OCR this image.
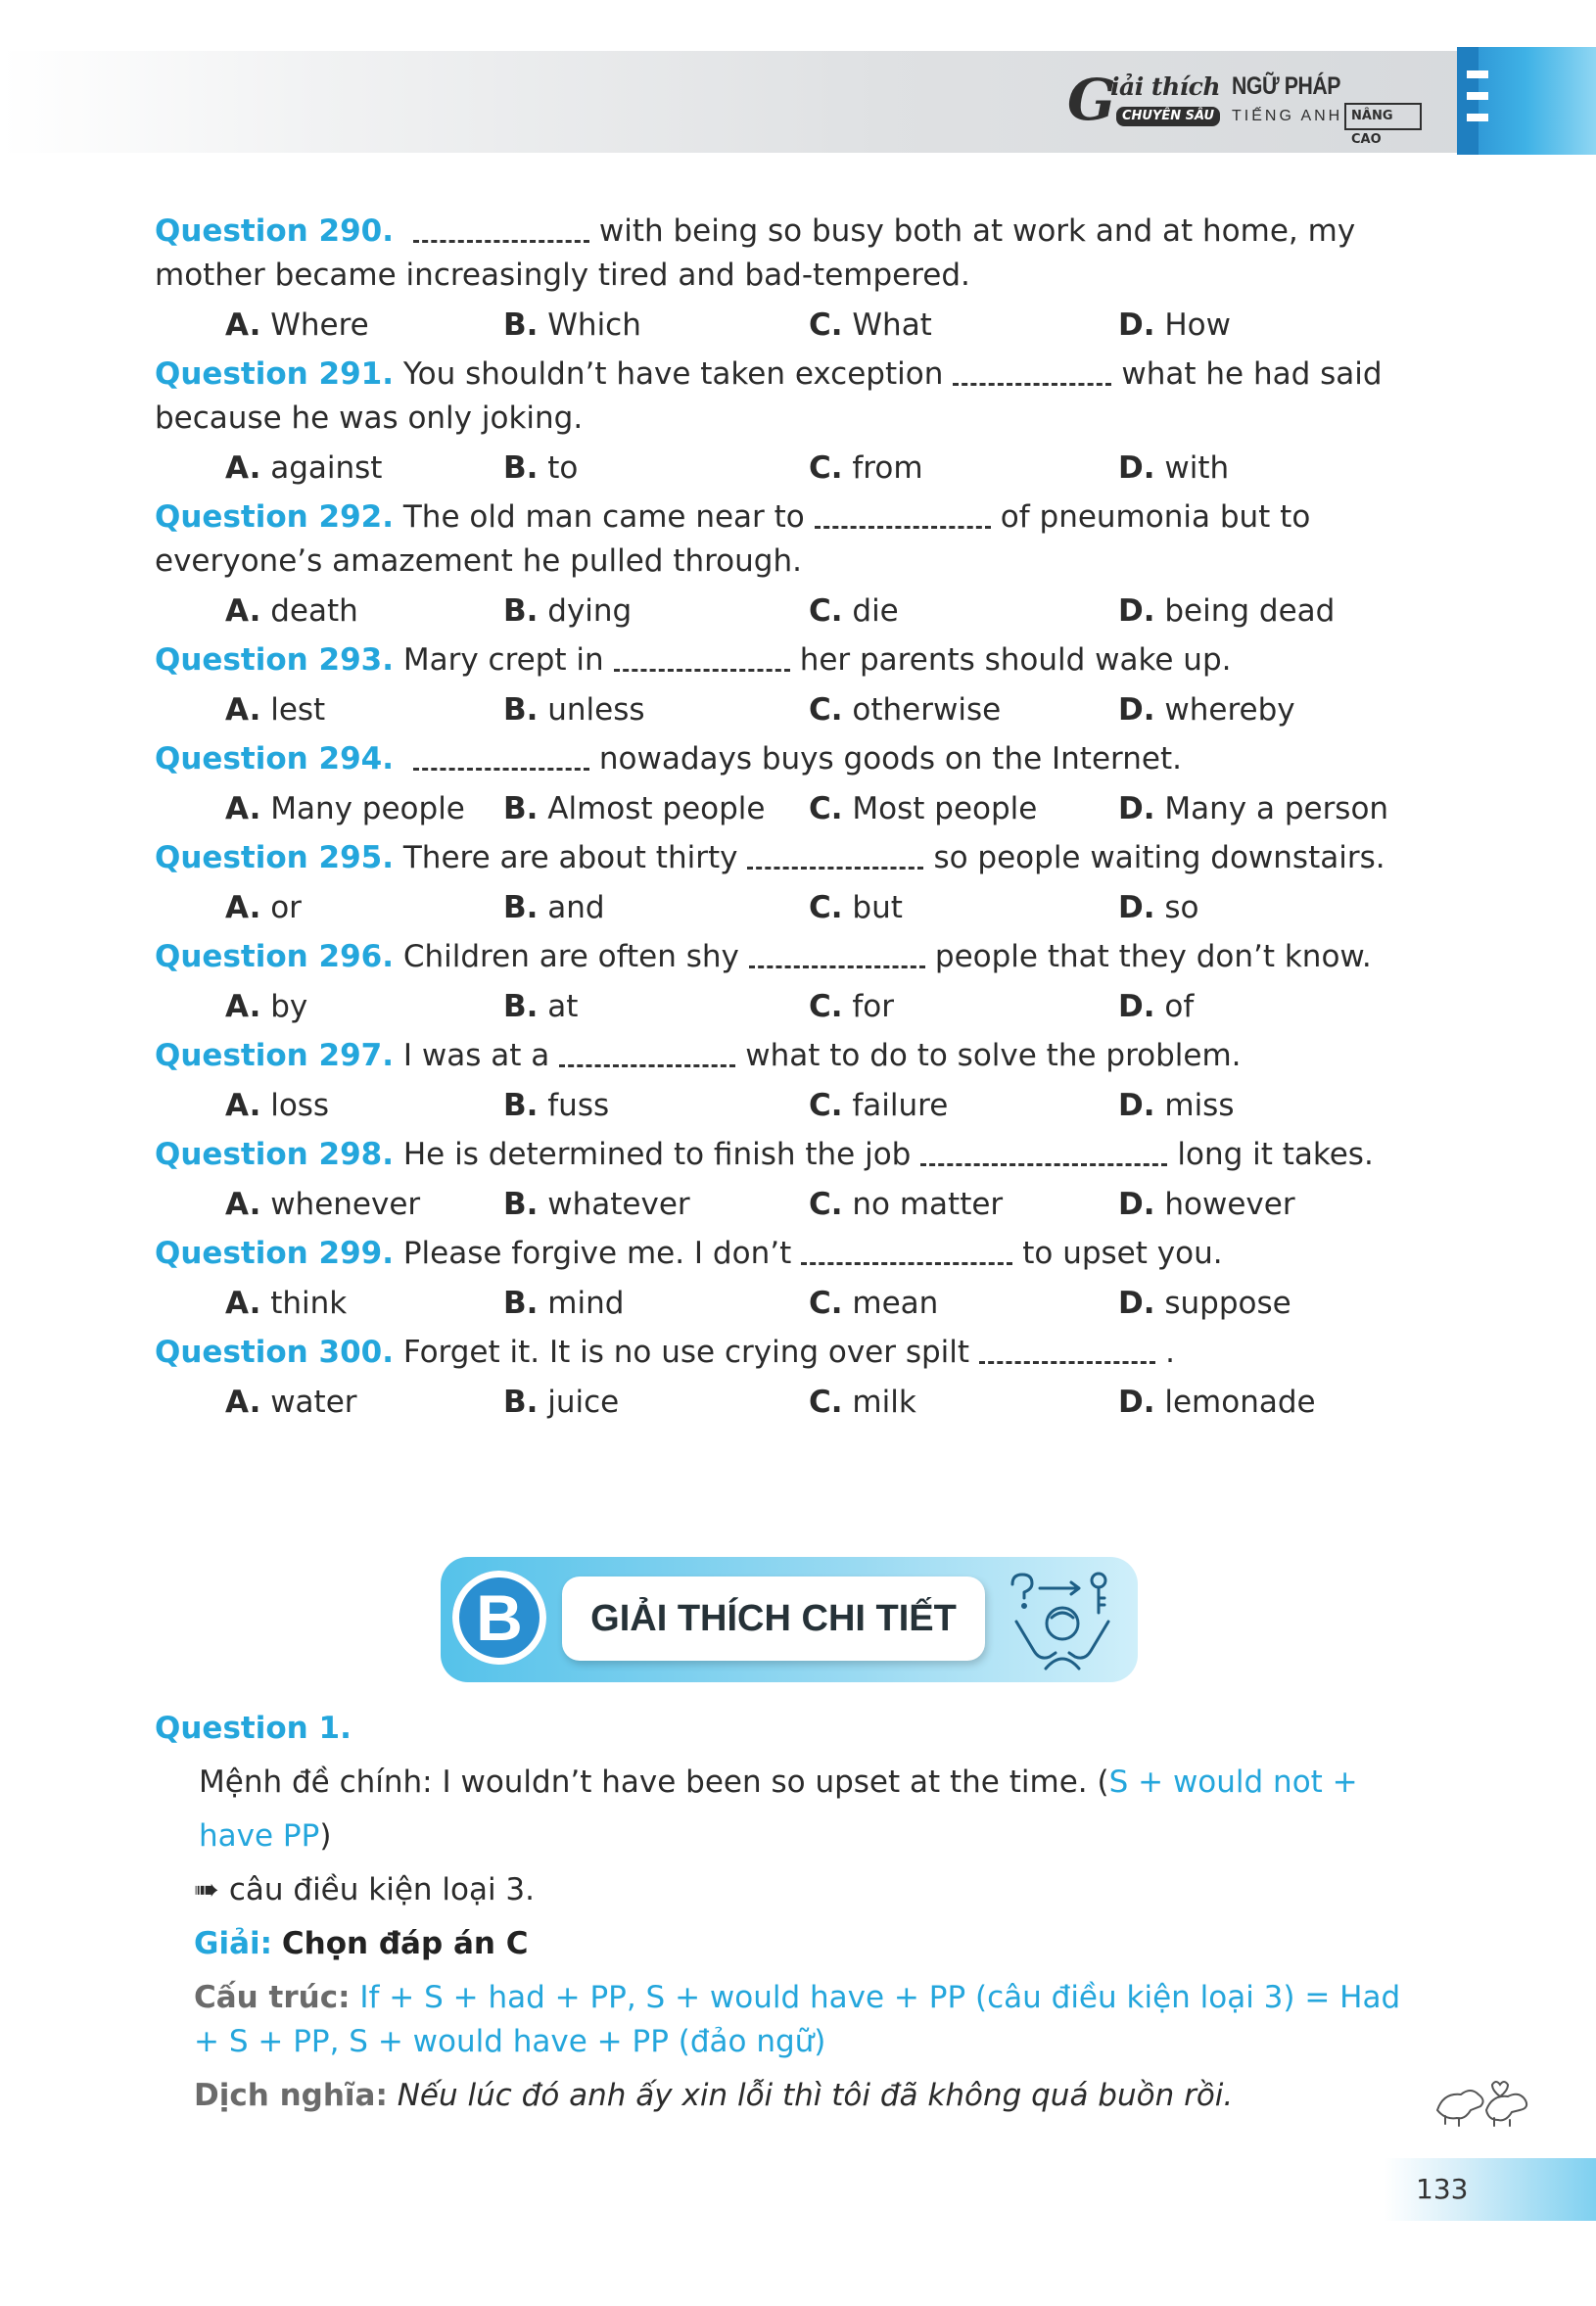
G
iải thích
CHUYÊN SÂU
NGỮ PHÁP
TIẾNG ANH NÂNG CAO

Question 290.	with being so busy both at work and at home, my mother became increasingly tired and bad-tempered.

A. Where	B. Which	C. What	D. How

Question 291. You shouldn’t have taken exception	what he had said because he was only joking.

A. against	B. to	C. from	D. with

Question 292. The old man came near to	of pneumonia but to everyone’s amazement he pulled through.

A. death	B. dying	C. die	D. being dead

Question 293. Mary crept in	her parents should wake up.

A. lest	B. unless	C. otherwise	D. whereby

Question 294.	nowadays buys goods on the Internet.

A. Many people B. Almost people C. Most people	D. Many a person

Question 295. There are about thirty	so people waiting downstairs.

A. or	B. and	C. but	D. so

Question 296. Children are often shy	people that they don’t know.

A. by	B. at	C. for	D. of

Question 297. I was at a	what to do to solve the problem.

A. loss	B. fuss	C. failure	D. miss

Question 298. He is determined to finish the job	long it takes.

A. whenever	B. whatever	C. no matter	D. however

Question 299. Please forgive me. I don’t	to upset you.

A. think	B. mind	C. mean	D. suppose

Question 300. Forget it. It is no use crying over spilt	.

A. water	B. juice	C. milk	D. lemonade
B	GIẢI THÍCH CHI TIẾT

Question 1.

Mệnh đề chính: I wouldn’t have been so upset at the time. (S + would not + have PP)

➠ câu điều kiện loại 3.

Giải: Chọn đáp án C

Cấu trúc: If + S + had + PP, S + would have + PP (câu điều kiện loại 3) = Had + S + PP, S + would have + PP (đảo ngữ)

Dịch nghĩa: Nếu lúc đó anh ấy xin lỗi thì tôi đã không quá buồn rồi.

133
